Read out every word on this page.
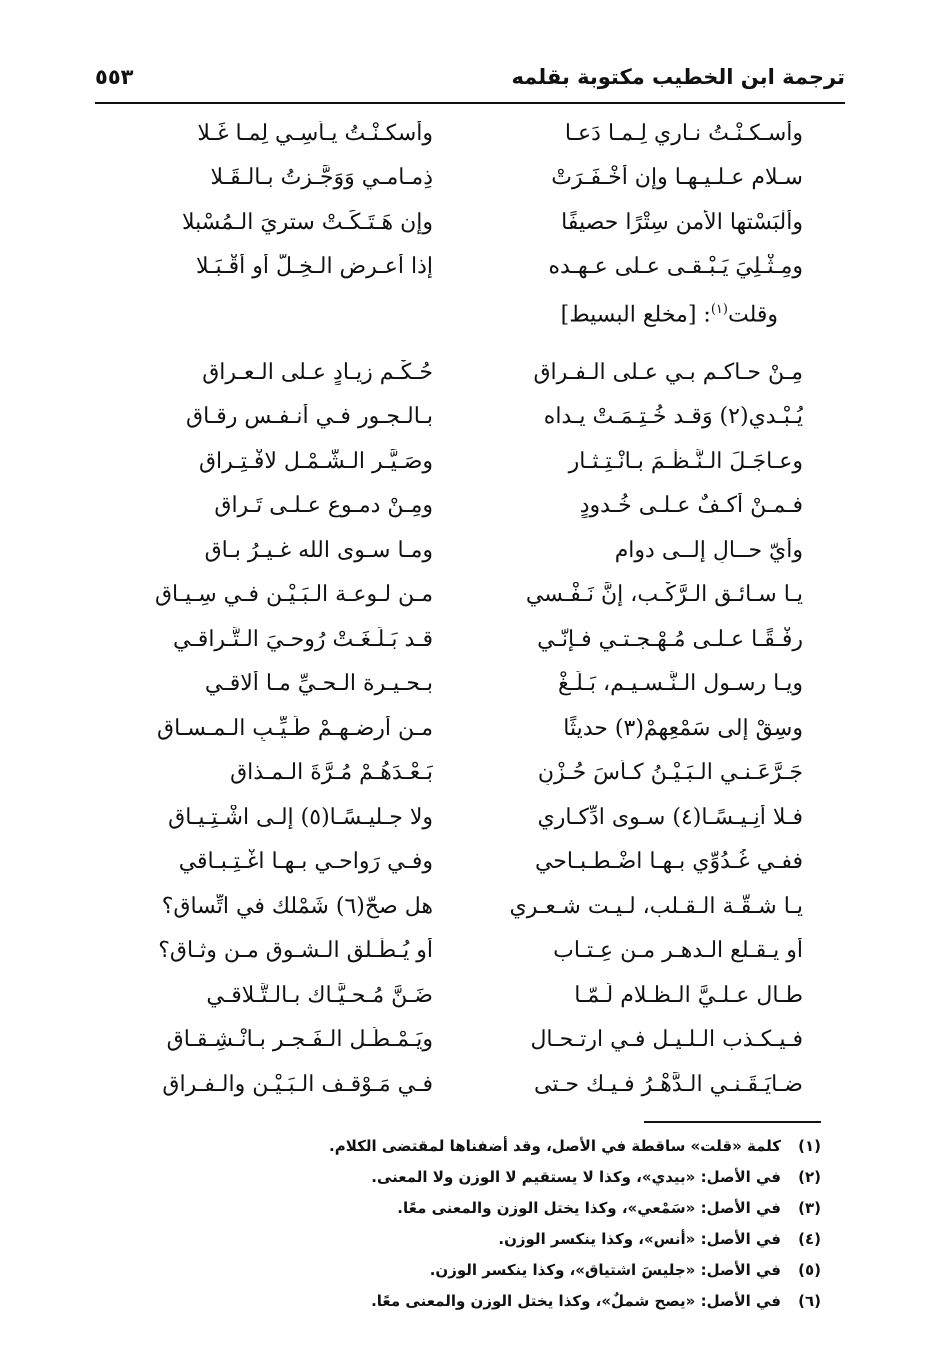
ترجمة ابن الخطيب مكتوبة بقلمه
٥٥٣
وأسـكـنْـتُ نـاري لِـمـا دَعـا
وأسكـنْـتُ يـأسِـي لِمـا غَـلا
سـلام عـلـيـهـا وإن أخْـفَـرَتْ
ذِمـامـي وَوَجَّـزتُ بـالـقَـلا
وألْبَسْتها الأمن سِتْرًا حصيفًا
وإن هَـتَـكَـتْ سترِيَ الـمُسْبلا
ومِـثْـلِيَ يَـبْـقـى عـلى عـهـده
إذا أعـرض الـخِـلُّ أو أقْـبَـلا
وقلت$^{(١)}$: [مخلع البسيط]
مِـنْ حـاكـم بـي عـلى الـفـراقِ
حُـكْـم زيـادٍ عـلى الـعـراقِ
يُـبْـدي(٢) وَقـد خُـتِـمَـتْ يـداه
بـالـجـور فـي أنـفـسٍ رقـاق
وعـاجَـلَ الـنَّـظْـمَ بـانْـتِـثـار
وصَـيَّـر الـشَّـمْـل لافْـتِـراق
فـمـنْ أكـفٌ عـلـى خُـدودٍ
ومِـنْ دمـوعٍ عـلـى تَـراق
وأيّ حــالٍ إلــى دوام
ومـا سـوى الله غـيـرُ بـاق
يـا سـائـق الـرَّكْـب، إنَّ نَـفْـسي
مـن لـوعـة الـبَـيْـن فـي سِـيـاق
رفْـقًـا عـلـى مُـهْـجـتـي فـإنّـي
قـد بَـلَـغَـتْ رُوحـيَ الـتَّـراقـي
ويـا رسـول الـنَّـسـيـم، بَـلِّـغْ
بـحـيـرة الـحـيِّ مـا أُلاقـي
وسِقْ إلى سَمْعِهِمْ(٣) حديثًا
مـن أرضـهـمْ طَـيِّـبِ الـمـسـاق
جَـرَّعَـنـي الـبَـيْـنُ كـأسَ حُـزْنٍ
بَـعْـدَهُـمْ مُـرَّةَ الـمـذاق
فـلا أنِـيـسًـا(٤) سـوى ادِّكـاري
ولا جـليـسًـا(٥) إلـى اشْـتِـيـاق
ففـي غُـدُوِّي بـهـا اضْـطـبـاحي
وفـي رَواحـي بـهـا اغْـتِـبـاقي
يـا شـقَّـة الـقـلب، لـيـت شـعـري
هل صحّ(٦) شَمْلك في اتِّساق؟
أو يـقـلع الـدهـر مـن عِـتـاب
أو يُـطْـلق الـشـوق مـن وِثـاق؟
طـال عـلـيَّ الـظـلام لَـمّـا
ضَـنَّ مُـحـيَّـاك بـالـتَّـلاقـي
فـيـكـذب الـلـيـل فـي ارتـحـال
ويَـمْـطُـل الـفَـجـر بـانْـشِـقـاق
ضـايَـقَـنـي الـدَّهْـرُ فـيـك حـتى
فـي مَـوْقـف الـبَـيْـن والـفـراق
(١)كلمة «قلت» ساقطة في الأصل، وقد أضفناها لمقتضى الكلام.
(٢)في الأصل: «بيدي»، وكذا لا يستقيم لا الوزن ولا المعنى.
(٣)في الأصل: «سَمْعي»، وكذا يختل الوزن والمعنى معًا.
(٤)في الأصل: «أنس»، وكذا ينكسر الوزن.
(٥)في الأصل: «جليسَ اشتياق»، وكذا ينكسر الوزن.
(٦)في الأصل: «يصح شملٌ»، وكذا يختل الوزن والمعنى معًا.
